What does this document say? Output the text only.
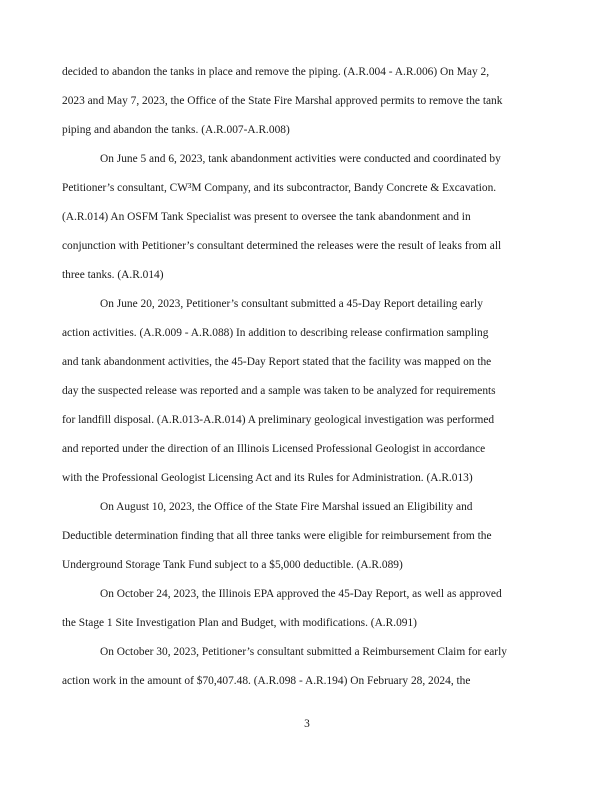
decided to abandon the tanks in place and remove the piping. (A.R.004 - A.R.006) On May 2,
2023 and May 7, 2023, the Office of the State Fire Marshal approved permits to remove the tank
piping and abandon the tanks. (A.R.007-A.R.008)
On June 5 and 6, 2023, tank abandonment activities were conducted and coordinated by
Petitioner’s consultant, CW³M Company, and its subcontractor, Bandy Concrete & Excavation.
(A.R.014) An OSFM Tank Specialist was present to oversee the tank abandonment and in
conjunction with Petitioner’s consultant determined the releases were the result of leaks from all
three tanks. (A.R.014)
On June 20, 2023, Petitioner’s consultant submitted a 45-Day Report detailing early
action activities. (A.R.009 - A.R.088) In addition to describing release confirmation sampling
and tank abandonment activities, the 45-Day Report stated that the facility was mapped on the
day the suspected release was reported and a sample was taken to be analyzed for requirements
for landfill disposal. (A.R.013-A.R.014) A preliminary geological investigation was performed
and reported under the direction of an Illinois Licensed Professional Geologist in accordance
with the Professional Geologist Licensing Act and its Rules for Administration. (A.R.013)
On August 10, 2023, the Office of the State Fire Marshal issued an Eligibility and
Deductible determination finding that all three tanks were eligible for reimbursement from the
Underground Storage Tank Fund subject to a $5,000 deductible. (A.R.089)
On October 24, 2023, the Illinois EPA approved the 45-Day Report, as well as approved
the Stage 1 Site Investigation Plan and Budget, with modifications. (A.R.091)
On October 30, 2023, Petitioner’s consultant submitted a Reimbursement Claim for early
action work in the amount of $70,407.48. (A.R.098 - A.R.194) On February 28, 2024, the
3
